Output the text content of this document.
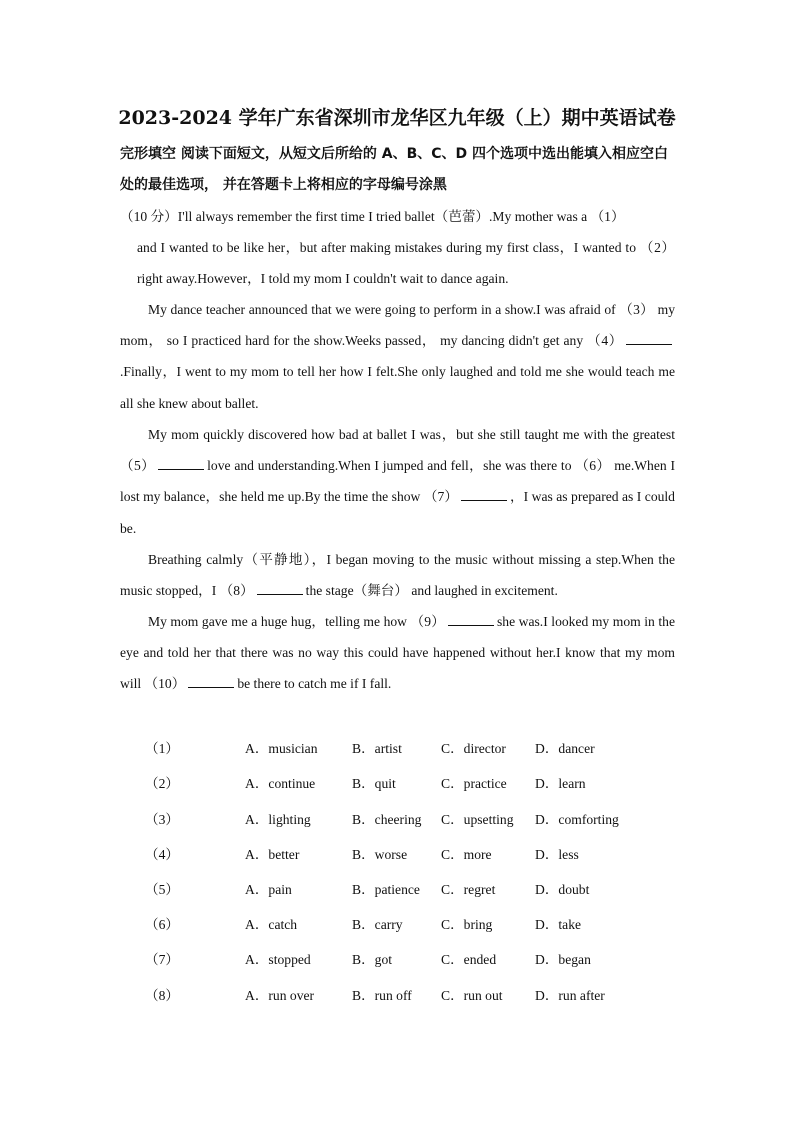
2023-2024 学年广东省深圳市龙华区九年级（上）期中英语试卷
完形填空 阅读下面短文，从短文后所给的 A、B、C、D 四个选项中选出能填入相应空白
处的最佳选项， 并在答题卡上将相应的字母编号涂黑
（10 分）I'll always remember the first time I tried ballet（芭蕾）.My mother was a （1）
and I wanted to be like her，but after making mistakes during my first class，I wanted to （2） right away.However，I told my mom I couldn't wait to dance again.
My dance teacher announced that we were going to perform in a show.I was afraid of （3） my mom， so I practiced hard for the show.Weeks passed， my dancing didn't get any （4）.Finally，I went to my mom to tell her how I felt.She only laughed and told me she would teach me all she knew about ballet.
My mom quickly discovered how bad at ballet I was，but she still taught me with the greatest （5）	love and understanding.When I jumped and fell，she was there to （6） me.When I lost my balance，she held me up.By the time the show （7）	，I was as prepared as I could be.
Breathing calmly（平静地），I began moving to the music without missing a step.When the music stopped，I （8）	the stage（舞台） and laughed in excitement.
My mom gave me a huge hug，telling me how （9）	she was.I looked my mom in the eye and told her that there was no way this could have happened without her.I know that my mom will （10）	be there to catch me if I fall.
（1）	A．musician	B．artist	C．director D．dancer
（2）	A．continue	B．quit	C．practice D．learn
（3）	A．lighting	B．cheering C．upsetting D．comforting
（4）	A．better	B．worse C．more	D．less
（5）	A．pain	B．patience C．regret	D．doubt
（6）	A．catch	B．carry	C．bring	D．take
（7）	A．stopped	B．got	C．ended	D．began
（8）	A．run over	B．run off C．run out D．run after
